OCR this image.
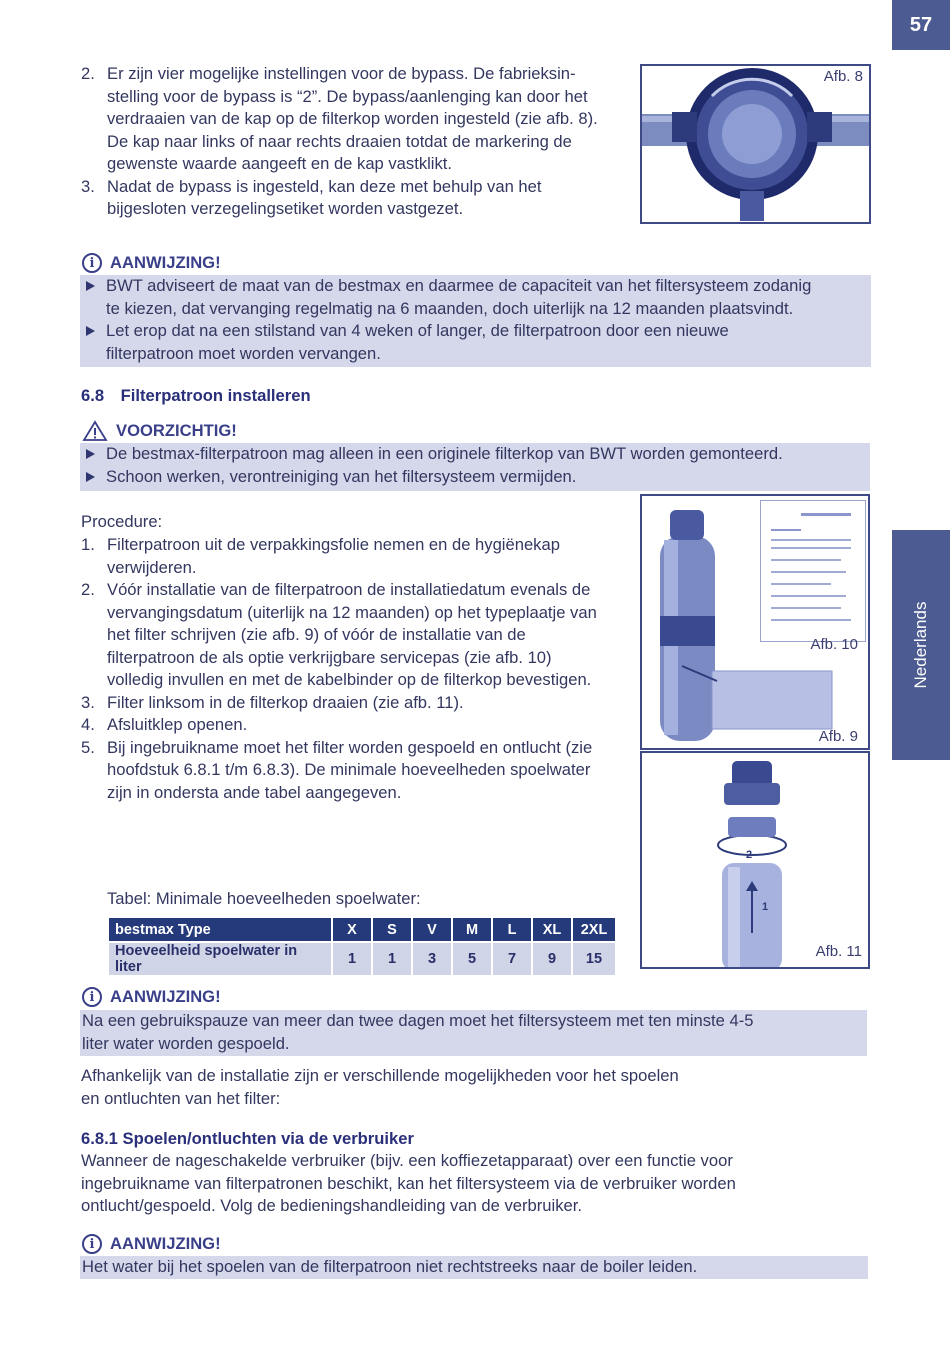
57
Nederlands
2. Er zijn vier mogelijke instellingen voor de bypass. De fabrieksin-
stelling voor de bypass is “2”. De bypass/aanlenging kan door het
verdraaien van de kap op de filterkop worden ingesteld (zie afb. 8).
De kap naar links of naar rechts draaien totdat de markering de
gewenste waarde aangeeft en de kap vastklikt.
3. Nadat de bypass is ingesteld, kan deze met behulp van het
bijgesloten verzegelingsetiket worden vastgezet.
Afb. 8
i AANWIJZING!
BWT adviseert de maat van de bestmax en daarmee de capaciteit van het filtersysteem zodanig
te kiezen, dat vervanging regelmatig na 6 maanden, doch uiterlijk na 12 maanden plaatsvindt.
Let erop dat na een stilstand van 4 weken of langer, de filterpatroon door een nieuwe
filterpatroon moet worden vervangen.
6.8 Filterpatroon installeren
VOORZICHTIG!
De bestmax-filterpatroon mag alleen in een originele filterkop van BWT worden gemonteerd.
Schoon werken, verontreiniging van het filtersysteem vermijden.
Procedure:
1. Filterpatroon uit de verpakkingsfolie nemen en de hygiënekap
verwijderen.
2. Vóór installatie van de filterpatroon de installatiedatum evenals de
vervangingsdatum (uiterlijk na 12 maanden) op het typeplaatje van
het filter schrijven (zie afb. 9) of vóór de installatie van de
filterpatroon de als optie verkrijgbare servicepas (zie afb. 10)
volledig invullen en met de kabelbinder op de filterkop bevestigen.
3. Filter linksom in de filterkop draaien (zie afb. 11).
4. Afsluitklep openen.
5. Bij ingebruikname moet het filter worden gespoeld en ontlucht (zie
hoofdstuk 6.8.1 t/m 6.8.3). De minimale hoeveelheden spoelwater
zijn in ondersta ande tabel aangegeven.
Afb. 10
Afb. 9
2
1
Afb. 11
Tabel: Minimale hoeveelheden spoelwater:
bestmax Type	X	S	V	M	L	XL	2XL
Hoeveelheid spoelwater in liter	1	1	3	5	7	9	15
i AANWIJZING!
Na een gebruikspauze van meer dan twee dagen moet het filtersysteem met ten minste 4-5
liter water worden gespoeld.
Afhankelijk van de installatie zijn er verschillende mogelijkheden voor het spoelen
en ontluchten van het filter:
6.8.1 Spoelen/ontluchten via de verbruiker
Wanneer de nageschakelde verbruiker (bijv. een koffiezetapparaat) over een functie voor
ingebruikname van filterpatronen beschikt, kan het filtersysteem via de verbruiker worden
ontlucht/gespoeld. Volg de bedieningshandleiding van de verbruiker.
i AANWIJZING!
Het water bij het spoelen van de filterpatroon niet rechtstreeks naar de boiler leiden.
